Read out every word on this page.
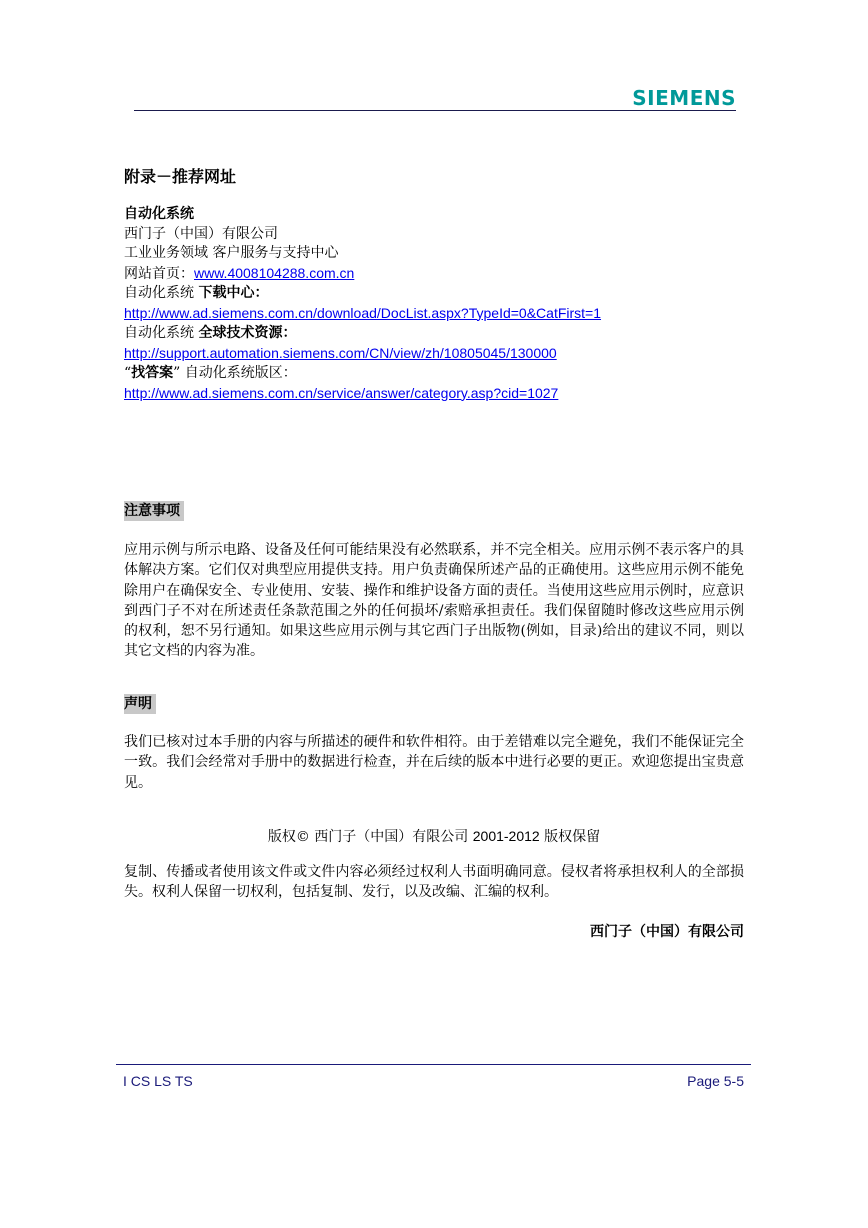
SIEMENS
附录－推荐网址
自动化系统
西门子（中国）有限公司
工业业务领域 客户服务与支持中心
网站首页：www.4008104288.com.cn
自动化系统 下载中心：
http://www.ad.siemens.com.cn/download/DocList.aspx?TypeId=0&CatFirst=1
自动化系统 全球技术资源：
http://support.automation.siemens.com/CN/view/zh/10805045/130000
“找答案” 自动化系统版区：
http://www.ad.siemens.com.cn/service/answer/category.asp?cid=1027
注意事项
应用示例与所示电路、设备及任何可能结果没有必然联系，并不完全相关。应用示例不表示客户的具体解决方案。它们仅对典型应用提供支持。用户负责确保所述产品的正确使用。这些应用示例不能免除用户在确保安全、专业使用、安装、操作和维护设备方面的责任。当使用这些应用示例时，应意识到西门子不对在所述责任条款范围之外的任何损坏/索赔承担责任。我们保留随时修改这些应用示例的权利，恕不另行通知。如果这些应用示例与其它西门子出版物(例如，目录)给出的建议不同，则以其它文档的内容为准。
声明
我们已核对过本手册的内容与所描述的硬件和软件相符。由于差错难以完全避免，我们不能保证完全一致。我们会经常对手册中的数据进行检查，并在后续的版本中进行必要的更正。欢迎您提出宝贵意见。
版权© 西门子（中国）有限公司 2001-2012 版权保留
复制、传播或者使用该文件或文件内容必须经过权利人书面明确同意。侵权者将承担权利人的全部损失。权利人保留一切权利，包括复制、发行，以及改编、汇编的权利。
西门子（中国）有限公司
I CS LS TS	Page 5-5
